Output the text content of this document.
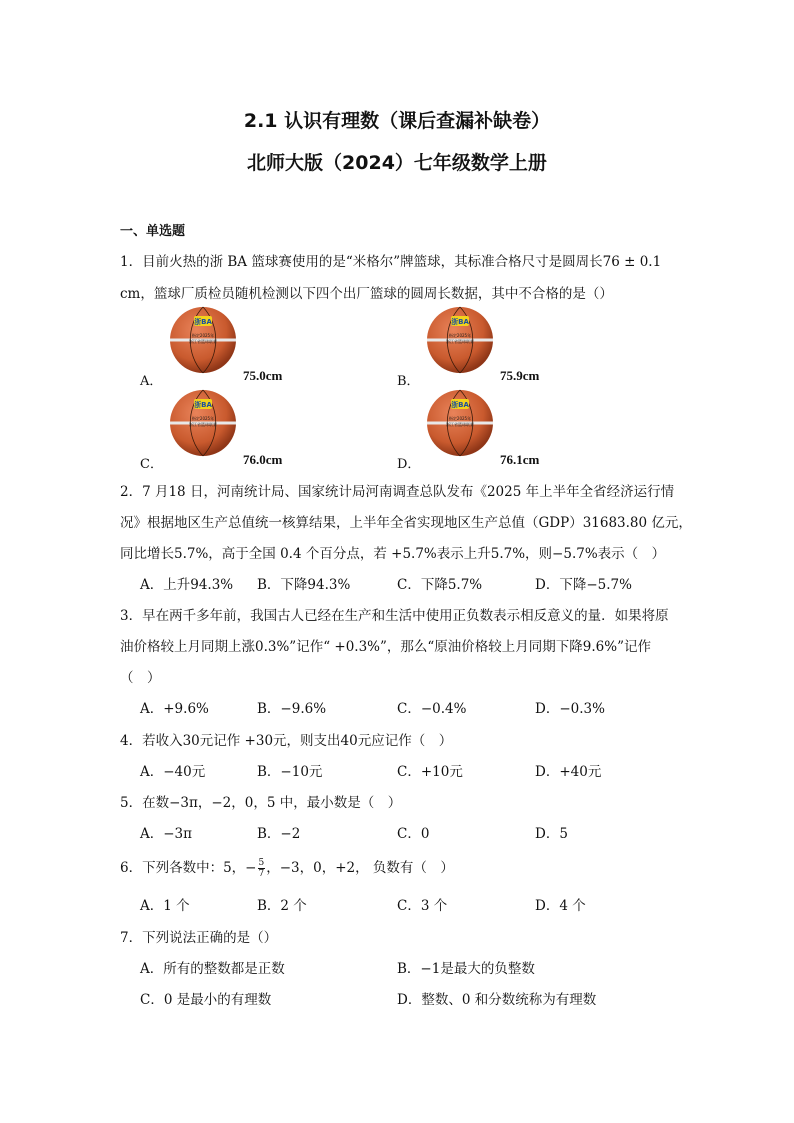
2.1 认识有理数（课后查漏补缺卷）
北师大版（2024）七年级数学上册
一、单选题
1．目前火热的浙 BA 篮球赛使用的是“米格尔”牌篮球，其标准合格尺寸是圆周长76 ± 0.1
cm，篮球厂质检员随机检测以下四个出厂篮球的圆周长数据，其中不合格的是（）
浙BA
指定2025年
浙江省篮球联赛
浙BA
指定2025年
浙江省篮球联赛
浙BA
指定2025年
浙江省篮球联赛
浙BA
指定2025年
浙江省篮球联赛
A．	75.0cm	B．	75.9cm
C．	76.0cm	D．	76.1cm
2．7 月18 日，河南统计局、国家统计局河南调查总队发布《2025 年上半年全省经济运行情
况》根据地区生产总值统一核算结果，上半年全省实现地区生产总值（GDP）31683.80 亿元，
同比增长5.7%，高于全国 0.4 个百分点，若 +5.7%表示上升5.7%，则−5.7%表示（　）
A．上升94.3% B．下降94.3%	C．下降5.7%	D．下降−5.7%
3．早在两千多年前，我国古人已经在生产和生活中使用正负数表示相反意义的量．如果将原
油价格较上月同期上涨0.3%”记作“ +0.3%”，那么“原油价格较上月同期下降9.6%”记作
（　）
A．+9.6%	B．−9.6%	C．−0.4%	D．−0.3%
4．若收入30元记作 +30元，则支出40元应记作（　）
A．−40元	B．−10元	C．+10元	D．+40元
5．在数−3π，−2，0，5 中，最小数是（　）
A．−3π	B．−2	C．0	D．5
6．下列各数中：5，− $\frac{5}{7}$ ，−3，0，+2， 负数有（　）
A．1 个	B．2 个	C．3 个	D．4 个
7．下列说法正确的是（）
A．所有的整数都是正数	B．−1是最大的负整数
C．0 是最小的有理数	D．整数、0 和分数统称为有理数
